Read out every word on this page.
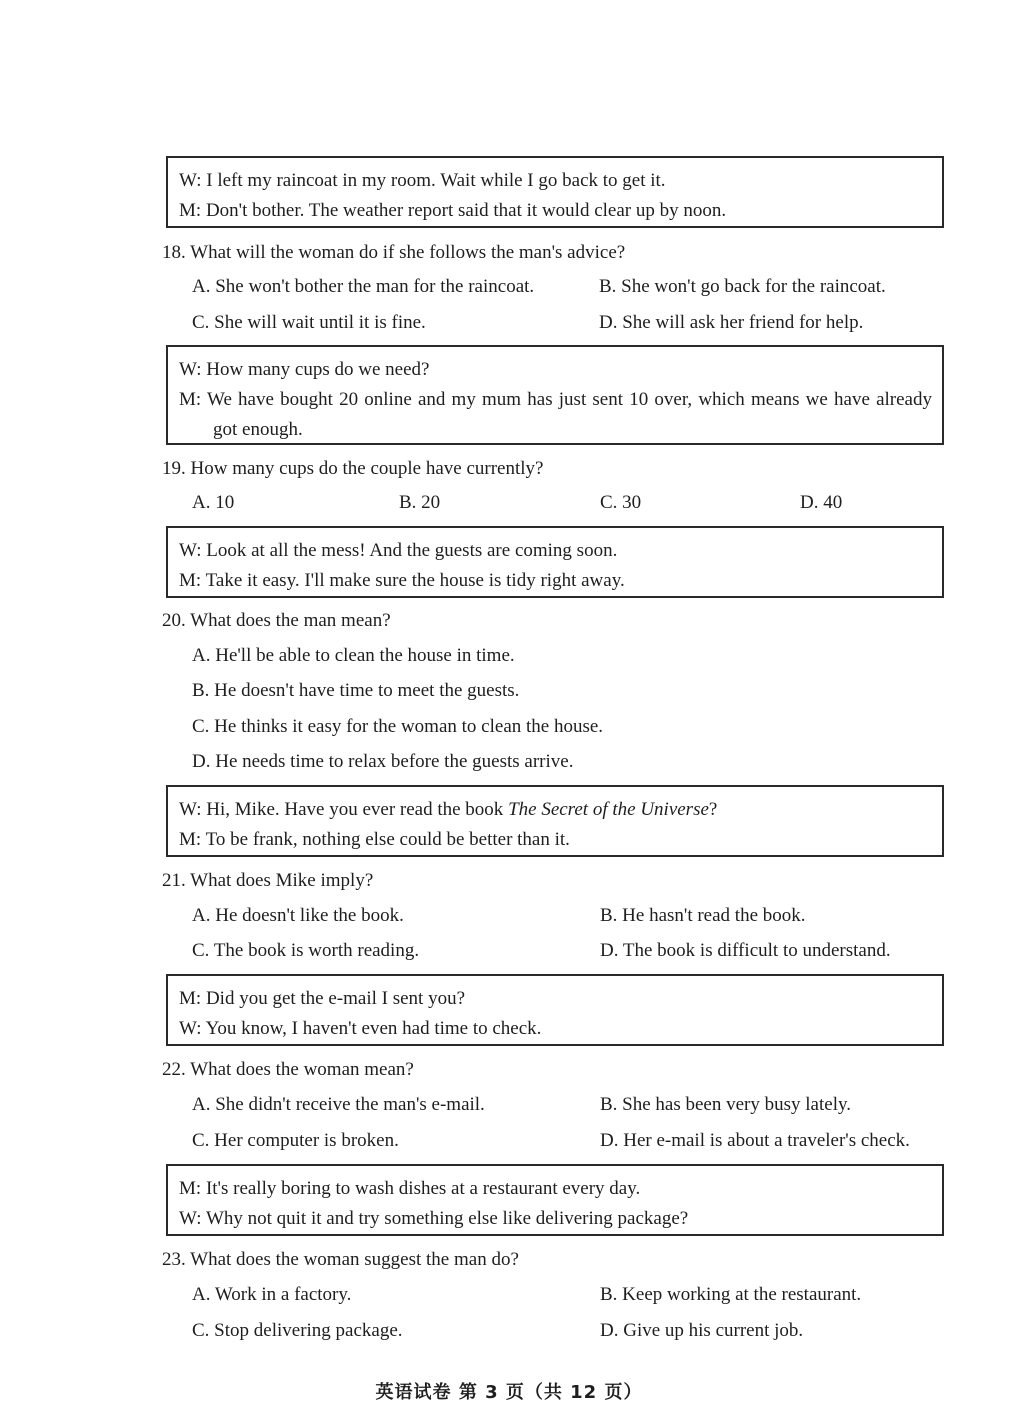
W: I left my raincoat in my room. Wait while I go back to get it.
M: Don't bother. The weather report said that it would clear up by noon.
18. What will the woman do if she follows the man's advice?
A. She won't bother the man for the raincoat.	B. She won't go back for the raincoat.
C. She will wait until it is fine.	D. She will ask her friend for help.
W: How many cups do we need?
M: We have bought 20 online and my mum has just sent 10 over, which means we have already got enough.
19. How many cups do the couple have currently?
A. 10	B. 20	C. 30	D. 40
W: Look at all the mess! And the guests are coming soon.
M: Take it easy. I'll make sure the house is tidy right away.
20. What does the man mean?
A. He'll be able to clean the house in time.
B. He doesn't have time to meet the guests.
C. He thinks it easy for the woman to clean the house.
D. He needs time to relax before the guests arrive.
W: Hi, Mike. Have you ever read the book The Secret of the Universe?
M: To be frank, nothing else could be better than it.
21. What does Mike imply?
A. He doesn't like the book.	B. He hasn't read the book.
C. The book is worth reading.	D. The book is difficult to understand.
M: Did you get the e-mail I sent you?
W: You know, I haven't even had time to check.
22. What does the woman mean?
A. She didn't receive the man's e-mail.	B. She has been very busy lately.
C. Her computer is broken.	D. Her e-mail is about a traveler's check.
M: It's really boring to wash dishes at a restaurant every day.
W: Why not quit it and try something else like delivering package?
23. What does the woman suggest the man do?
A. Work in a factory.	B. Keep working at the restaurant.
C. Stop delivering package.	D. Give up his current job.
英语试卷 第 3 页（共 12 页）
